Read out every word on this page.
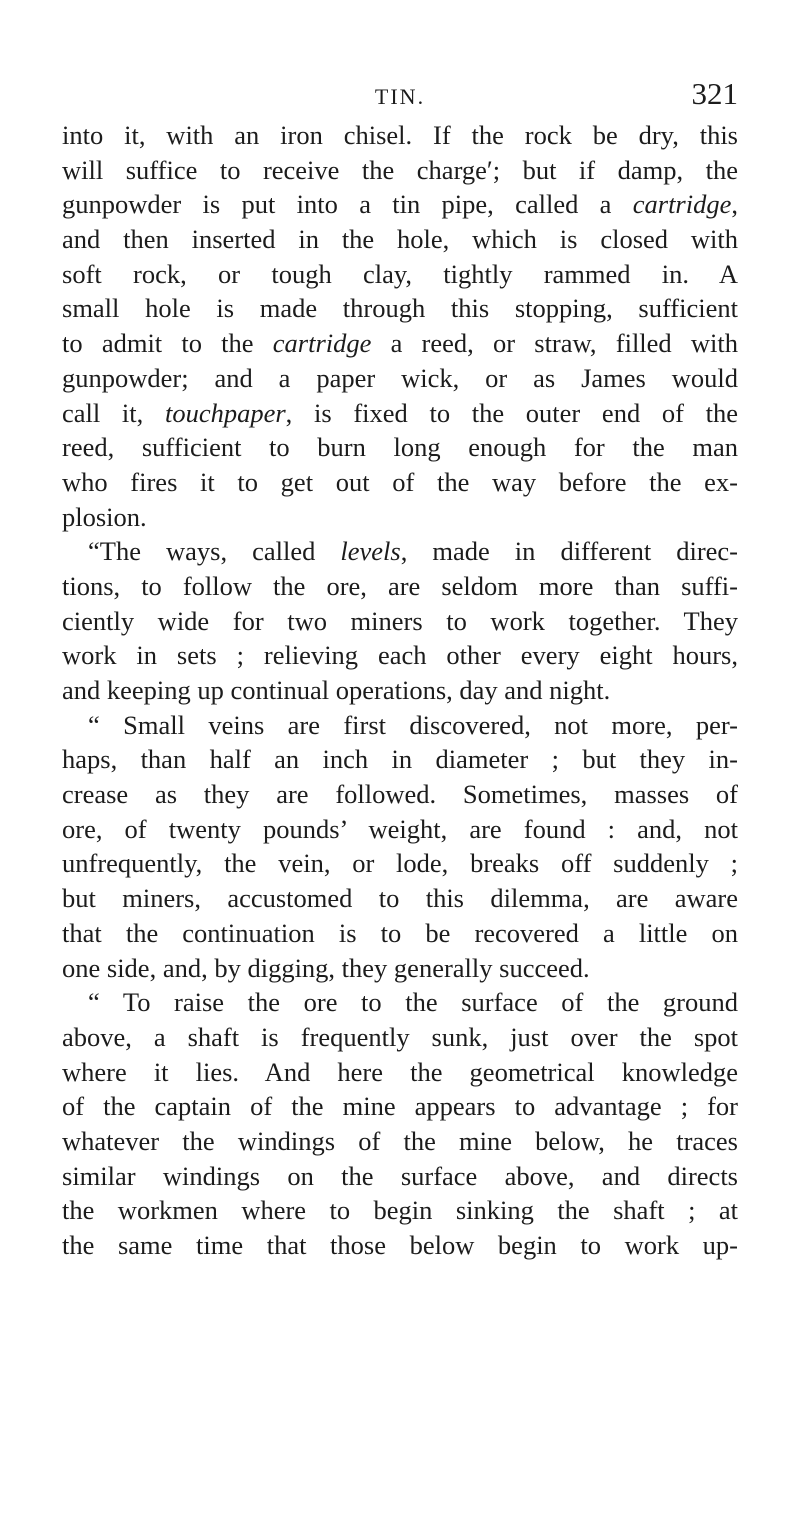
TIN.	321
into it, with an iron chisel. If the rock be dry, this
will suffice to receive the charge′; but if damp, the
gunpowder is put into a tin pipe, called a cartridge,
and then inserted in the hole, which is closed with
soft rock, or tough clay, tightly rammed in. A
small hole is made through this stopping, sufficient
to admit to the cartridge a reed, or straw, filled with
gunpowder; and a paper wick, or as James would
call it, touchpaper, is fixed to the outer end of the
reed, sufficient to burn long enough for the man
who fires it to get out of the way before the ex-
plosion.
“The ways, called levels, made in different direc-
tions, to follow the ore, are seldom more than suffi-
ciently wide for two miners to work together. They
work in sets ; relieving each other every eight hours,
and keeping up continual operations, day and night.
“ Small veins are first discovered, not more, per-
haps, than half an inch in diameter ; but they in-
crease as they are followed. Sometimes, masses of
ore, of twenty pounds’ weight, are found : and, not
unfrequently, the vein, or lode, breaks off suddenly ;
but miners, accustomed to this dilemma, are aware
that the continuation is to be recovered a little on
one side, and, by digging, they generally succeed.
“ To raise the ore to the surface of the ground
above, a shaft is frequently sunk, just over the spot
where it lies. And here the geometrical knowledge
of the captain of the mine appears to advantage ; for
whatever the windings of the mine below, he traces
similar windings on the surface above, and directs
the workmen where to begin sinking the shaft ; at
the same time that those below begin to work up-
